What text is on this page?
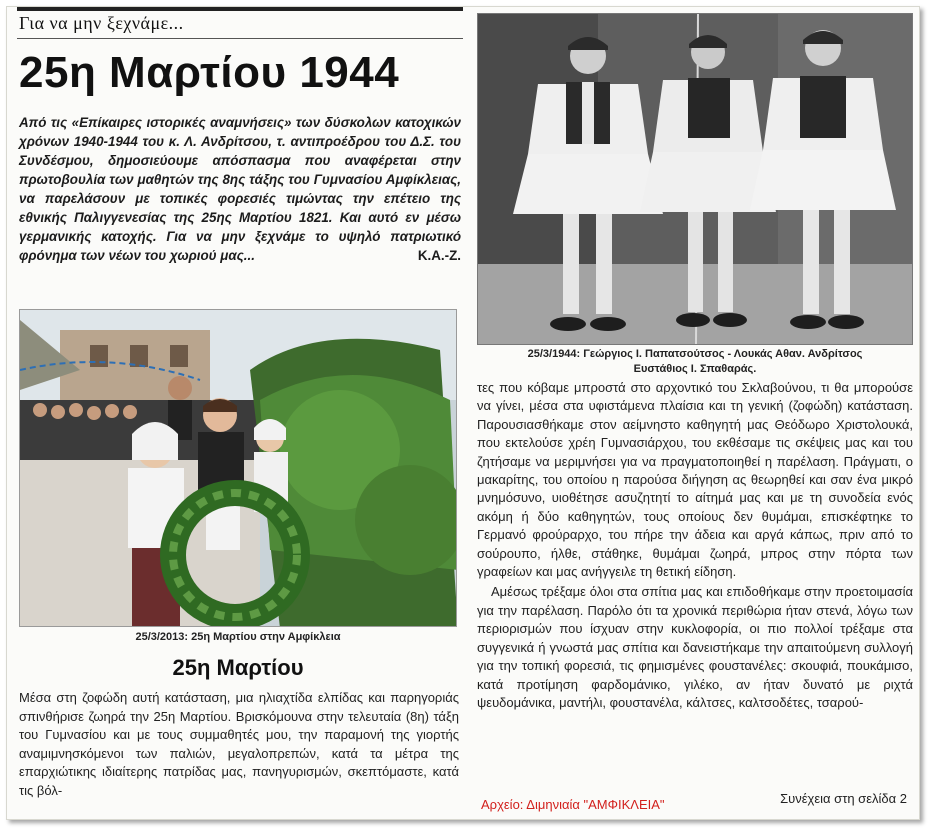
Για να μην ξεχνάμε...
25η Μαρτίου 1944
Από τις «Επίκαιρες ιστορικές αναμνήσεις» των δύσκολων κατοχικών χρόνων 1940-1944 του κ. Λ. Ανδρίτσου, τ. αντιπροέδρου του Δ.Σ. του Συνδέσμου, δημοσιεύουμε απόσπασμα που αναφέρεται στην πρωτοβουλία των μαθητών της 8ης τάξης του Γυμνασίου Αμφίκλειας, να παρελάσουν με τοπικές φορεσιές τιμώντας την επέτειο της εθνικής Παλιγγενεσίας της 25ης Μαρτίου 1821. Και αυτό εν μέσω γερμανικής κατοχής. Για να μην ξεχνάμε το υψηλό πατριωτικό φρόνημα των νέων του χωριού μας...	Κ.Α.-Ζ.
25/3/2013: 25η Μαρτίου στην Αμφίκλεια
25η Μαρτίου
Μέσα στη ζοφώδη αυτή κατάσταση, μια ηλιαχτίδα ελπίδας και παρηγοριάς σπινθήρισε ζωηρά την 25η Μαρτίου. Βρισκόμουνα στην τελευταία (8η) τάξη του Γυμνασίου και με τους συμμαθητές μου, την παραμονή της γιορτής αναμιμνησκόμενοι των παλιών, μεγαλοπρεπών, κατά τα μέτρα της επαρχιώτικης ιδιαίτερης πατρίδας μας, πανηγυρισμών, σκεπτόμαστε, κατά τις βόλ-
25/3/1944: Γεώργιος Ι. Παπατσούτσος - Λουκάς Αθαν. Ανδρίτσος
Ευστάθιος Ι. Σπαθαράς.

τες που κόβαμε μπροστά στο αρχοντικό του Σκλαβούνου, τι θα μπορούσε να γίνει, μέσα στα υφιστάμενα πλαίσια και τη γενική (ζοφώδη) κατάσταση. Παρουσιασθήκαμε στον αείμνηστο καθηγητή μας Θεόδωρο Χριστολουκά, που εκτελούσε χρέη Γυμνασιάρχου, του εκθέσαμε τις σκέψεις μας και του ζητήσαμε να μεριμνήσει για να πραγματοποιηθεί η παρέλαση. Πράγματι, ο μακαρίτης, του οποίου η παρούσα διήγηση ας θεωρηθεί και σαν ένα μικρό μνημόσυνο, υιοθέτησε ασυζητητί το αίτημά μας και με τη συνοδεία ενός ακόμη ή δύο καθηγητών, τους οποίους δεν θυμάμαι, επισκέφτηκε το Γερμανό φρούραρχο, του πήρε την άδεια και αργά κάπως, πριν από το σούρουπο, ήλθε, στάθηκε, θυμάμαι ζωηρά, μπρος στην πόρτα των γραφείων και μας ανήγγειλε τη θετική είδηση.

Αμέσως τρέξαμε όλοι στα σπίτια μας και επιδοθήκαμε στην προετοιμασία για την παρέλαση. Παρόλο ότι τα χρονικά περιθώρια ήταν στενά, λόγω των περιορισμών που ίσχυαν στην κυκλοφορία, οι πιο πολλοί τρέξαμε στα συγγενικά ή γνωστά μας σπίτια και δανειστήκαμε την απαιτούμενη συλλογή για την τοπική φορεσιά, τις φημισμένες φουστανέλες: σκουφιά, πουκάμισο, κατά προτίμηση φαρδομάνικο, γιλέκο, αν ήταν δυνατό με ριχτά ψευδομάνικα, μαντήλι, φουστανέλα, κάλτσες, καλτσοδέτες, τσαρού-

Αρχείο: Διμηνιαία "ΑΜΦΙΚΛΕΙΑ"	Συνέχεια στη σελίδα 2
